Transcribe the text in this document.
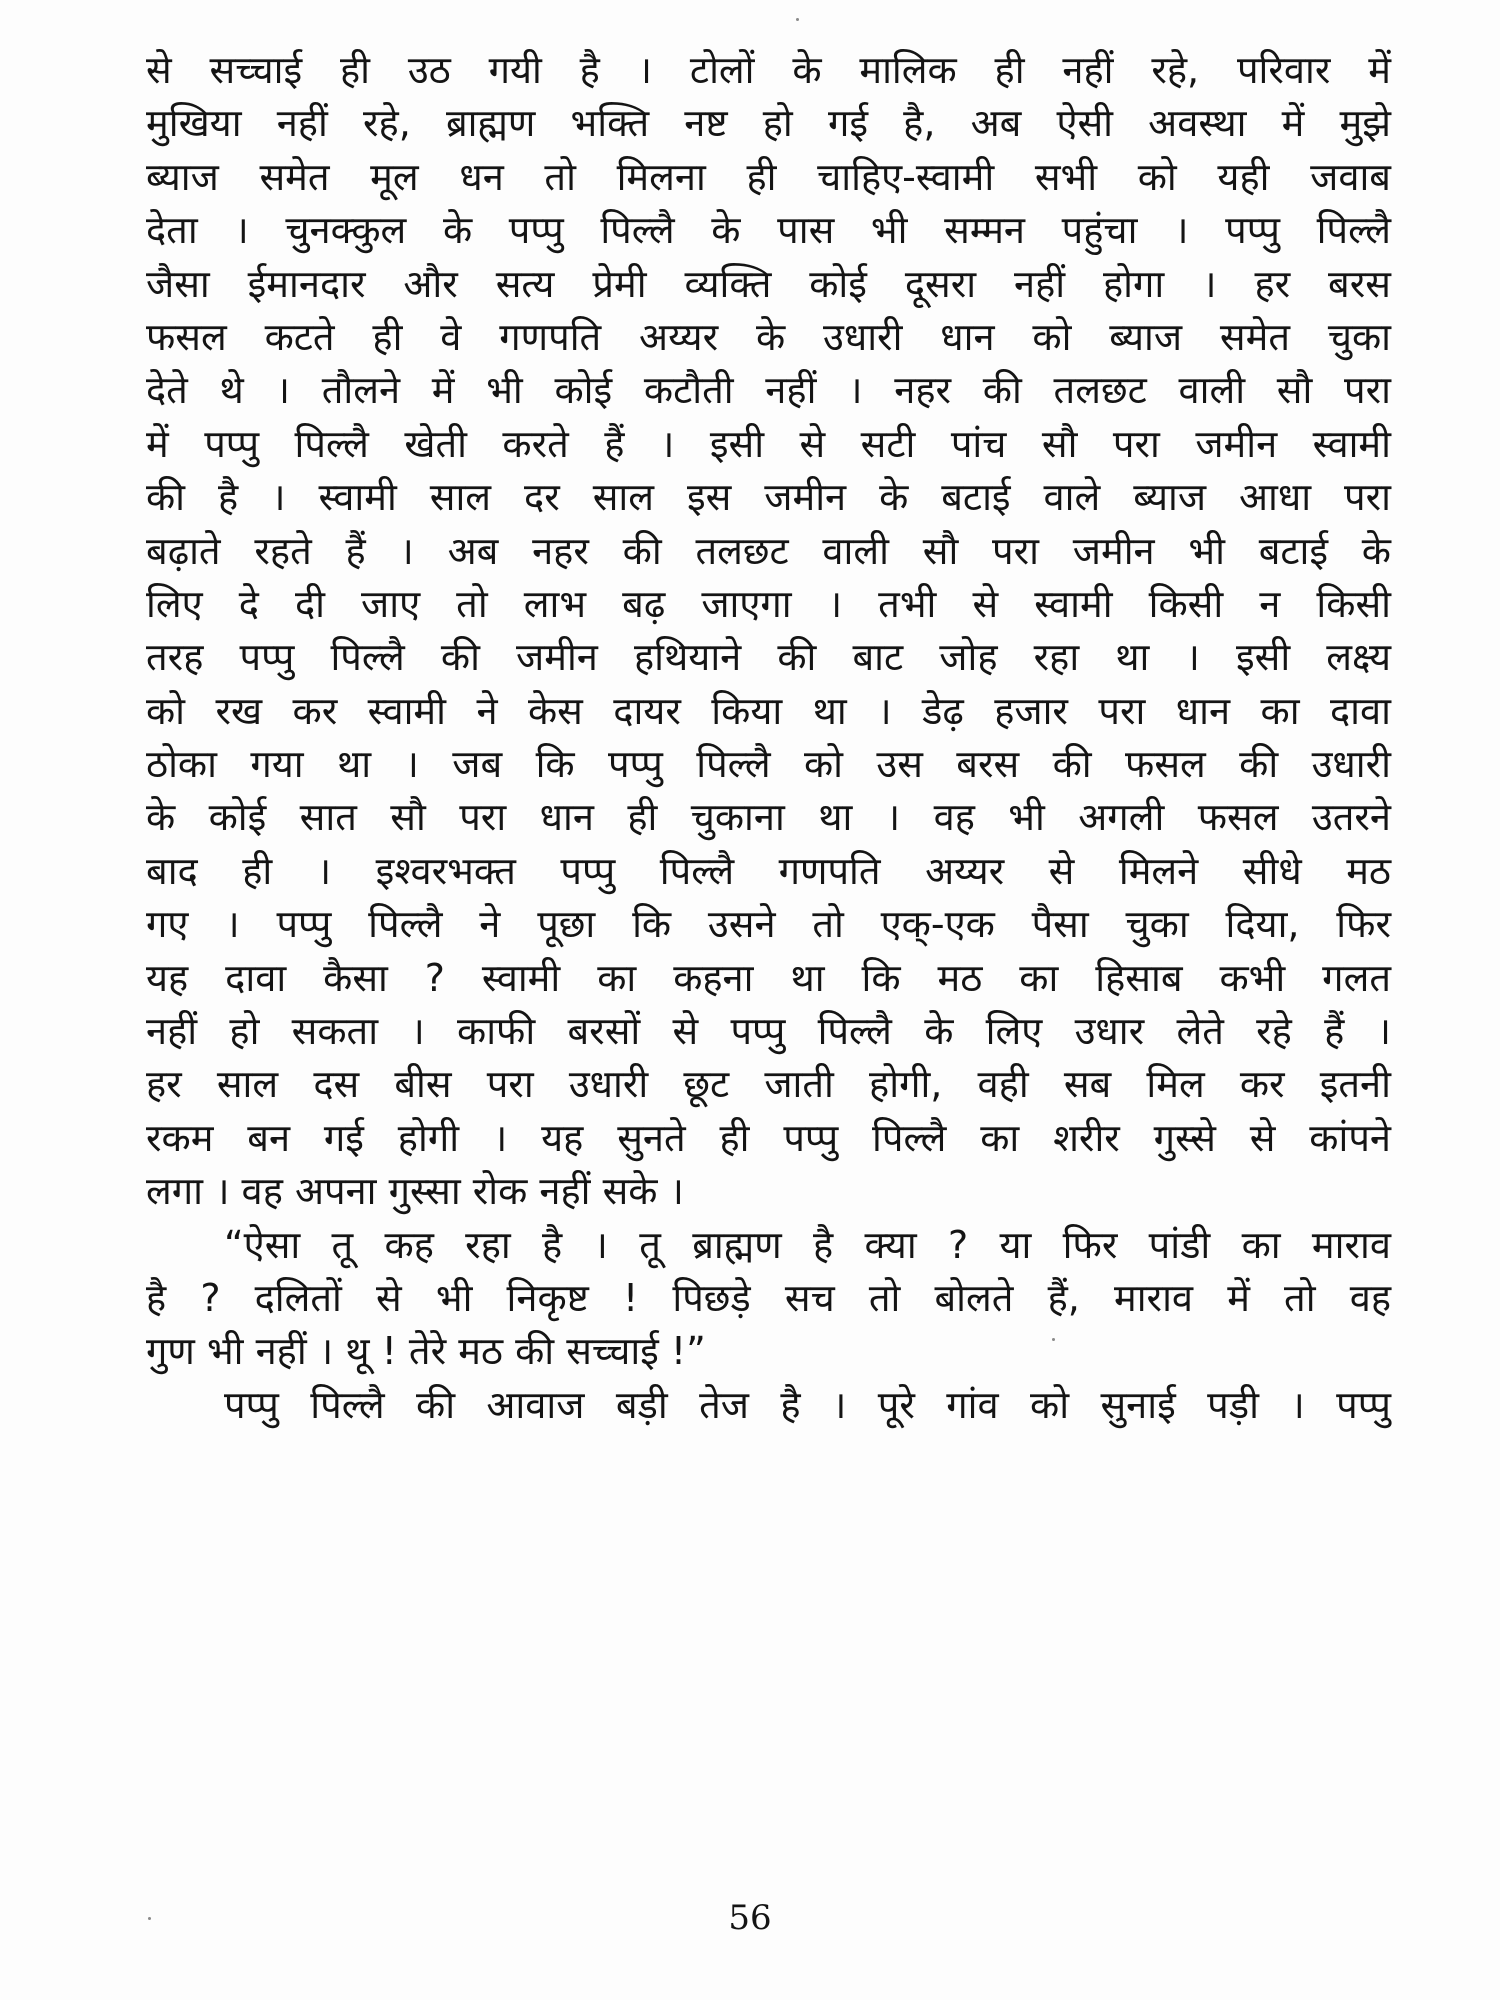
से सच्चाई ही उठ गयी है । टोलों के मालिक ही नहीं रहे, परिवार में
मुखिया नहीं रहे, ब्राह्मण भक्ति नष्ट हो गई है, अब ऐसी अवस्था में मुझे
ब्याज समेत मूल धन तो मिलना ही चाहिए-स्वामी सभी को यही जवाब
देता । चुनक्कुल के पप्पु पिल्लै के पास भी सम्मन पहुंचा । पप्पु पिल्लै
जैसा ईमानदार और सत्य प्रेमी व्यक्ति कोई दूसरा नहीं होगा । हर बरस
फसल कटते ही वे गणपति अय्यर के उधारी धान को ब्याज समेत चुका
देते थे । तौलने में भी कोई कटौती नहीं । नहर की तलछट वाली सौ परा
में पप्पु पिल्लै खेती करते हैं । इसी से सटी पांच सौ परा जमीन स्वामी
की है । स्वामी साल दर साल इस जमीन के बटाई वाले ब्याज आधा परा
बढ़ाते रहते हैं । अब नहर की तलछट वाली सौ परा जमीन भी बटाई के
लिए दे दी जाए तो लाभ बढ़ जाएगा । तभी से स्वामी किसी न किसी
तरह पप्पु पिल्लै की जमीन हथियाने की बाट जोह रहा था । इसी लक्ष्य
को रख कर स्वामी ने केस दायर किया था । डेढ़ हजार परा धान का दावा
ठोका गया था । जब कि पप्पु पिल्लै को उस बरस की फसल की उधारी
के कोई सात सौ परा धान ही चुकाना था । वह भी अगली फसल उतरने
बाद ही । इश्वरभक्त पप्पु पिल्लै गणपति अय्यर से मिलने सीधे मठ
गए । पप्पु पिल्लै ने पूछा कि उसने तो एक्-एक पैसा चुका दिया, फिर
यह दावा कैसा ? स्वामी का कहना था कि मठ का हिसाब कभी गलत
नहीं हो सकता । काफी बरसों से पप्पु पिल्लै के लिए उधार लेते रहे हैं ।
हर साल दस बीस परा उधारी छूट जाती होगी, वही सब मिल कर इतनी
रकम बन गई होगी । यह सुनते ही पप्पु पिल्लै का शरीर गुस्से से कांपने
लगा । वह अपना गुस्सा रोक नहीं सके ।
“ऐसा तू कह रहा है । तू ब्राह्मण है क्या ? या फिर पांडी का माराव
है ? दलितों से भी निकृष्ट ! पिछड़े सच तो बोलते हैं, माराव में तो वह
गुण भी नहीं । थू ! तेरे मठ की सच्चाई !”
पप्पु पिल्लै की आवाज बड़ी तेज है । पूरे गांव को सुनाई पड़ी । पप्पु
56
